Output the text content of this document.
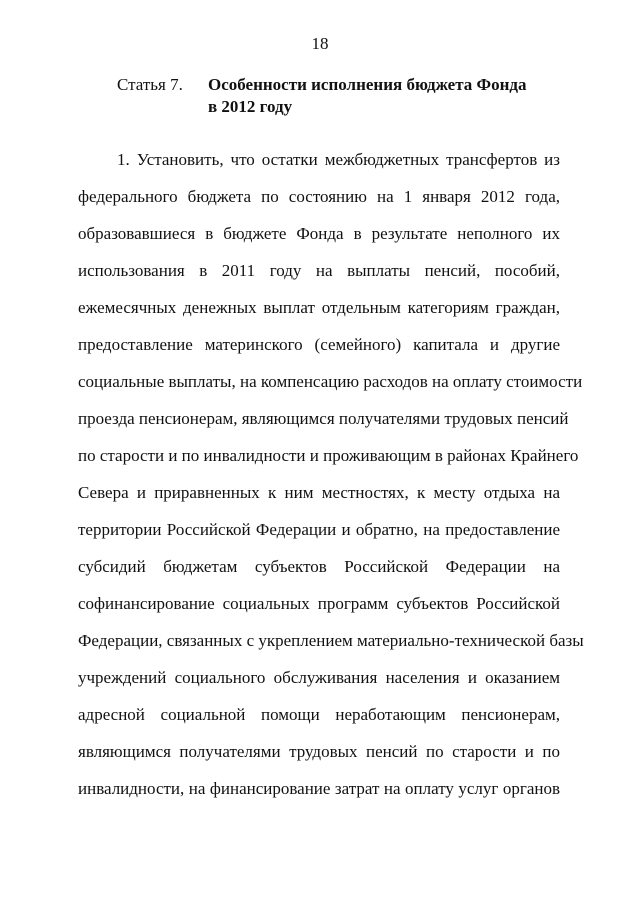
18
Статья 7. Особенности исполнения бюджета Фонда
в 2012 году
1. Установить, что остатки межбюджетных трансфертов из
федерального бюджета по состоянию на 1 января 2012 года,
образовавшиеся в бюджете Фонда в результате неполного их
использования в 2011 году на выплаты пенсий, пособий,
ежемесячных денежных выплат отдельным категориям граждан,
предоставление материнского (семейного) капитала и другие
социальные выплаты, на компенсацию расходов на оплату стоимости
проезда пенсионерам, являющимся получателями трудовых пенсий
по старости и по инвалидности и проживающим в районах Крайнего
Севера и приравненных к ним местностях, к месту отдыха на
территории Российской Федерации и обратно, на предоставление
субсидий бюджетам субъектов Российской Федерации на
софинансирование социальных программ субъектов Российской
Федерации, связанных с укреплением материально-технической базы
учреждений социального обслуживания населения и оказанием
адресной социальной помощи неработающим пенсионерам,
являющимся получателями трудовых пенсий по старости и по
инвалидности, на финансирование затрат на оплату услуг органов
